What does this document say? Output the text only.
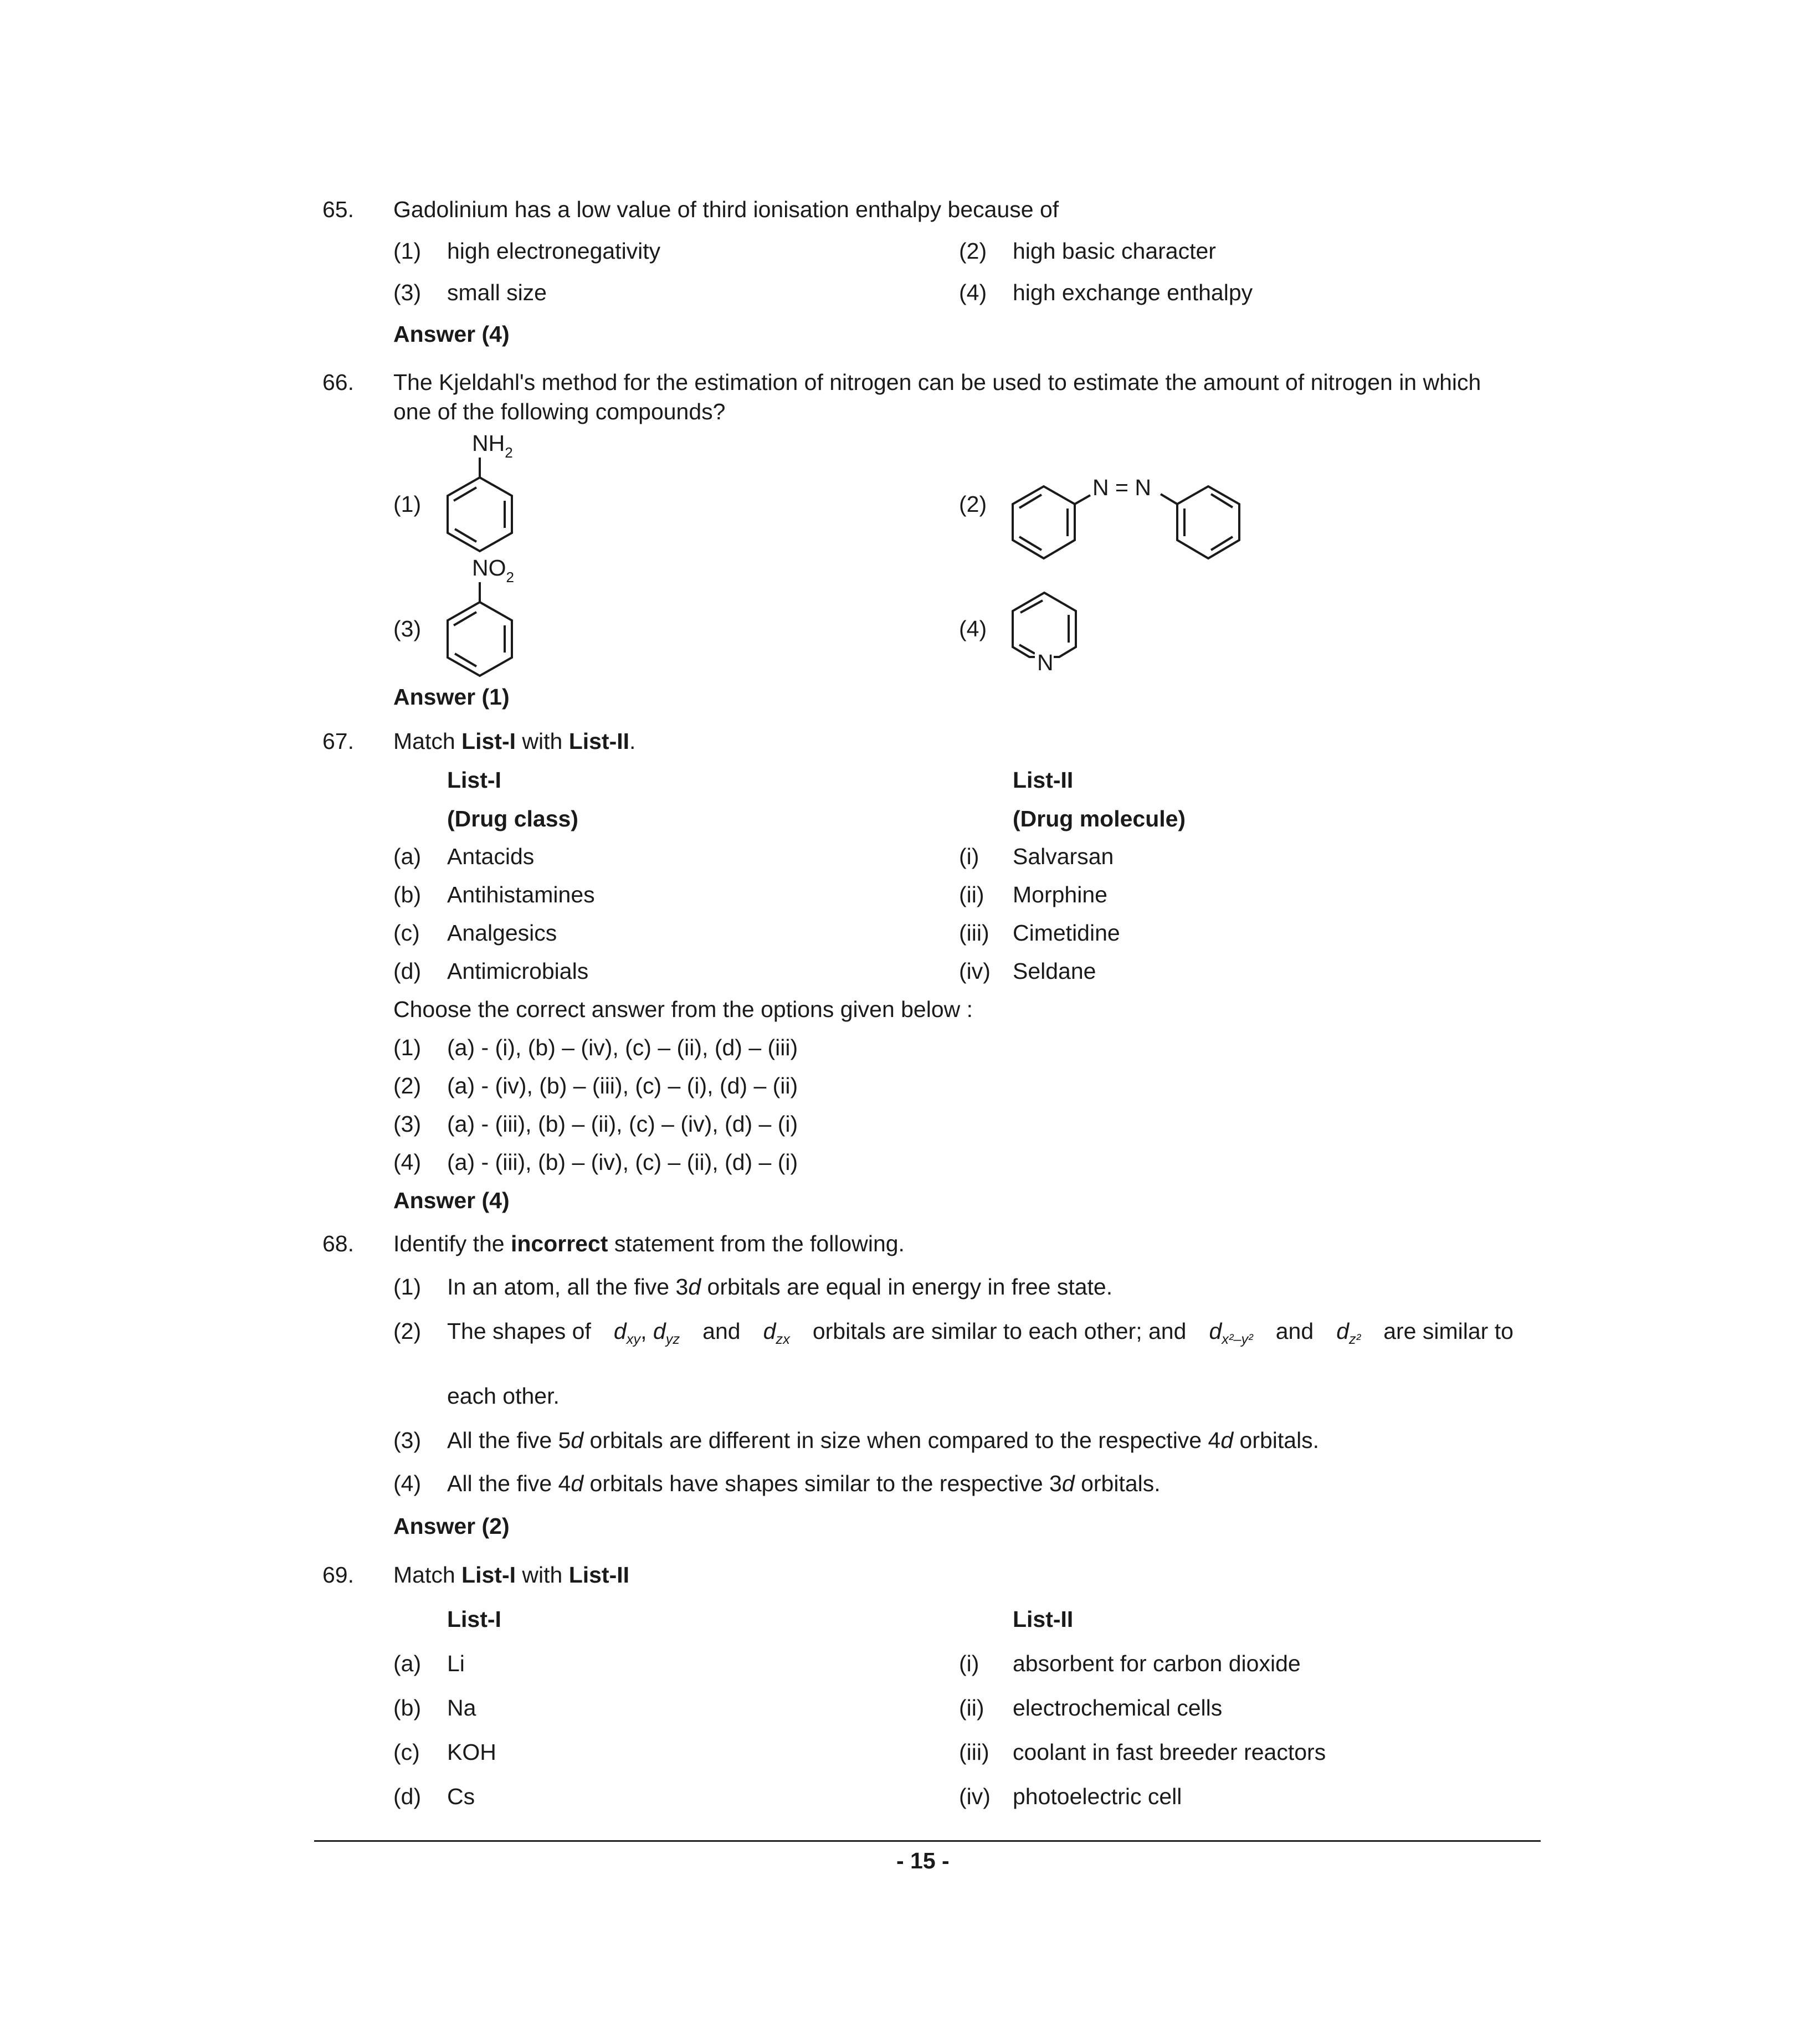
65. Gadolinium has a low value of third ionisation enthalpy because of
(1) high electronegativity	(2) high basic character
(3) small size	(4) high exchange enthalpy
Answer (4)
66. The Kjeldahl's method for the estimation of nitrogen can be used to estimate the amount of nitrogen in which
one of the following compounds?
(1)
$NH_2$
(2)
N = N
(3)
$NO_2$
(4)
N
Answer (1)
67. Match List-I with List-II.
List-I	List-II
(Drug class)	(Drug molecule)
(a) Antacids	(i) Salvarsan
(b) Antihistamines	(ii) Morphine
(c) Analgesics	(iii) Cimetidine
(d) Antimicrobials	(iv) Seldane
Choose the correct answer from the options given below :
(1) (a) - (i), (b) – (iv), (c) – (ii), (d) – (iii)
(2) (a) - (iv), (b) – (iii), (c) – (i), (d) – (ii)
(3) (a) - (iii), (b) – (ii), (c) – (iv), (d) – (i)
(4) (a) - (iii), (b) – (iv), (c) – (ii), (d) – (i)
Answer (4)
68. Identify the incorrect statement from the following.
(1) In an atom, all the five 3d orbitals are equal in energy in free state.
(2) The shapes of $d_{xy}$, $d_{yz}$ and $d_{zx}$ orbitals are similar to each other; and $d_{x^2-y^2}$ and $d_{z^2}$ are similar to
each other.
(3) All the five 5d orbitals are different in size when compared to the respective 4d orbitals.
(4) All the five 4d orbitals have shapes similar to the respective 3d orbitals.
Answer (2)
69. Match List-I with List-II
List-I	List-II
(a) Li	(i) absorbent for carbon dioxide
(b) Na	(ii) electrochemical cells
(c) KOH	(iii) coolant in fast breeder reactors
(d) Cs	(iv) photoelectric cell
- 15 -
